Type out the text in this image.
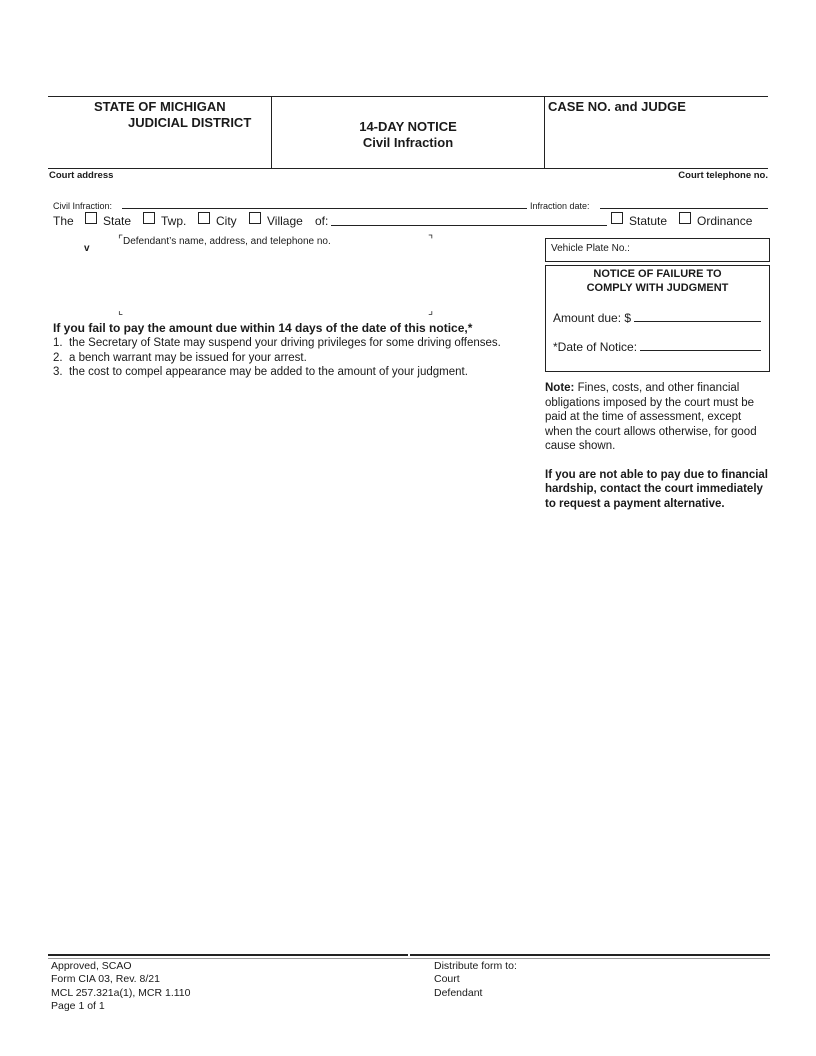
STATE OF MICHIGAN
JUDICIAL DISTRICT	14-DAY NOTICE
Civil Infraction
CASE NO. and JUDGE
Court address	Court telephone no.
Civil Infraction:	Infraction date:
The State Twp. City	Village of:	Statute Ordinance
v
⌜	⌝
⌞	⌟
Defendant’s name, address, and telephone no.
Vehicle Plate No.:
NOTICE OF FAILURE TO
COMPLY WITH JUDGMENT
Amount due: $
*Date of Notice:
If you fail to pay the amount due within 14 days of the date of this notice,*
1. the Secretary of State may suspend your driving privileges for some driving offenses.
2. a bench warrant may be issued for your arrest.
3. the cost to compel appearance may be added to the amount of your judgment.
Note: Fines, costs, and other financial
obligations imposed by the court must be
paid at the time of assessment, except
when the court allows otherwise, for good
cause shown.
If you are not able to pay due to financial
hardship, contact the court immediately
to request a payment alternative.
Approved, SCAO
Form CIA 03, Rev. 8/21
MCL 257.321a(1), MCR 1.110
Page 1 of 1
Distribute form to:
Court
Defendant
